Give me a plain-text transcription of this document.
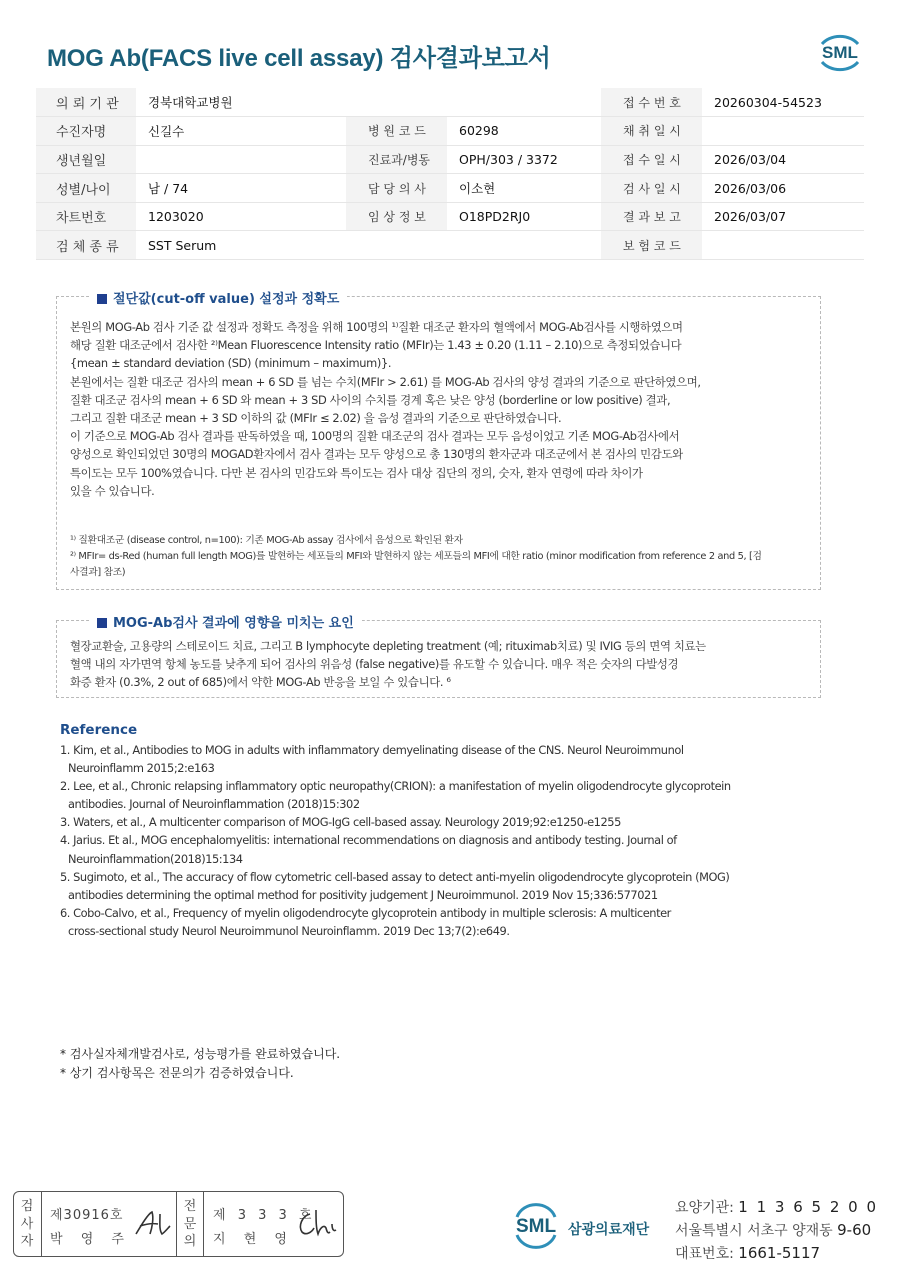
MOG Ab(FACS live cell assay) 검사결과보고서	SML
의 뢰 기 관	경북대학교병원			접 수 번 호	20260304-54523
수진자명	신길수	병 원 코 드	60298	채 취 일 시	
생년월일		진료과/병동	OPH/303 / 3372	접 수 일 시	2026/03/04
성별/나이	남 / 74	담 당 의 사	이소현	검 사 일 시	2026/03/06
차트번호	1203020	임 상 정 보	O18PD2RJ0	결 과 보 고	2026/03/07
검 체 종 류	SST Serum			보 험 코 드	
절단값(cut-off value) 설정과 정확도
본원의 MOG-Ab 검사 기준 값 설정과 정확도 측정을 위해 100명의 ¹⁾질환 대조군 환자의 혈액에서 MOG-Ab검사를 시행하였으며
해당 질환 대조군에서 검사한 ²⁾Mean Fluorescence Intensity ratio (MFIr)는 1.43 ± 0.20 (1.11 – 2.10)으로 측정되었습니다
{mean ± standard deviation (SD) (minimum – maximum)}.
본원에서는 질환 대조군 검사의 mean + 6 SD 를 넘는 수치(MFIr > 2.61) 를 MOG-Ab 검사의 양성 결과의 기준으로 판단하였으며,
질환 대조군 검사의 mean + 6 SD 와 mean + 3 SD 사이의 수치를 경계 혹은 낮은 양성 (borderline or low positive) 결과,
그리고 질환 대조군 mean + 3 SD 이하의 값 (MFIr ≤ 2.02) 을 음성 결과의 기준으로 판단하였습니다.
이 기준으로 MOG-Ab 검사 결과를 판독하였을 때, 100명의 질환 대조군의 검사 결과는 모두 음성이었고 기존 MOG-Ab검사에서
양성으로 확인되었던 30명의 MOGAD환자에서 검사 결과는 모두 양성으로 총 130명의 환자군과 대조군에서 본 검사의 민감도와
특이도는 모두 100%였습니다. 다만 본 검사의 민감도와 특이도는 검사 대상 집단의 정의, 숫자, 환자 연령에 따라 차이가
있을 수 있습니다.
¹⁾ 질환대조군 (disease control, n=100): 기존 MOG-Ab assay 검사에서 음성으로 확인된 환자
²⁾ MFIr= ds-Red (human full length MOG)를 발현하는 세포들의 MFI와 발현하지 않는 세포들의 MFI에 대한 ratio (minor modification from reference 2 and 5, [검
사결과] 참조)
MOG-Ab검사 결과에 영향을 미치는 요인
혈장교환술, 고용량의 스테로이드 치료, 그리고 B lymphocyte depleting treatment (예; rituximab치료) 및 IVIG 등의 면역 치료는
혈액 내의 자가면역 항체 농도를 낮추게 되어 검사의 위음성 (false negative)를 유도할 수 있습니다. 매우 적은 숫자의 다발성경
화증 환자 (0.3%, 2 out of 685)에서 약한 MOG-Ab 반응을 보일 수 있습니다. ⁶
Reference
1. Kim, et al., Antibodies to MOG in adults with inflammatory demyelinating disease of the CNS. Neurol Neuroimmunol
Neuroinflamm 2015;2:e163
2. Lee, et al., Chronic relapsing inflammatory optic neuropathy(CRION): a manifestation of myelin oligodendrocyte glycoprotein
antibodies. Journal of Neuroinflammation (2018)15:302
3. Waters, et al., A multicenter comparison of MOG-IgG cell-based assay. Neurology 2019;92:e1250-e1255
4. Jarius. Et al., MOG encephalomyelitis: international recommendations on diagnosis and antibody testing. Journal of
Neuroinflammation(2018)15:134
5. Sugimoto, et al., The accuracy of flow cytometric cell-based assay to detect anti-myelin oligodendrocyte glycoprotein (MOG)
antibodies determining the optimal method for positivity judgement J Neuroimmunol. 2019 Nov 15;336:577021
6. Cobo-Calvo, et al., Frequency of myelin oligodendrocyte glycoprotein antibody in multiple sclerosis: A multicenter
cross-sectional study Neurol Neuroimmunol Neuroinflamm. 2019 Dec 13;7(2):e649.
* 검사실자체개발검사로, 성능평가를 완료하였습니다.
* 상기 검사항목은 전문의가 검증하였습니다.
검
사
자
제30916호
박 영 주
전
문
의
제 3 3 3 호
지 현 영
SML 삼광의료재단
요양기관: 1 1 3 6 5 2 0 0
서울특별시 서초구 양재동 9-60
대표번호: 1661-5117
